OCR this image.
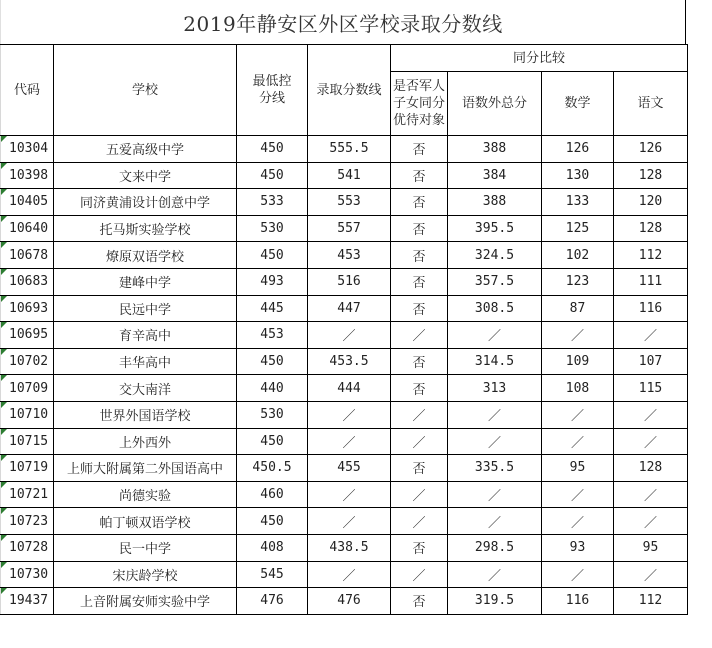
2019年静安区外区学校录取分数线
代码	学校	最低控分线	录取分数线	同分比较			
				是否军人子女同分优待对象	语数外总分	数学	语文

10304	五爱高级中学	450	555.5	否	388	126	126

10398	文来中学	450	541	否	384	130	128

10405	同济黄浦设计创意中学	533	553	否	388	133	120

10640	托马斯实验学校	530	557	否	395.5	125	128

10678	燎原双语学校	450	453	否	324.5	102	112

10683	建峰中学	493	516	否	357.5	123	111

10693	民远中学	445	447	否	308.5	87	116

10695	育辛高中	453	／	／	／	／	／

10702	丰华高中	450	453.5	否	314.5	109	107

10709	交大南洋	440	444	否	313	108	115

10710	世界外国语学校	530	／	／	／	／	／

10715	上外西外	450	／	／	／	／	／

10719	上师大附属第二外国语高中	450.5	455	否	335.5	95	128

10721	尚德实验	460	／	／	／	／	／

10723	帕丁顿双语学校	450	／	／	／	／	／

10728	民一中学	408	438.5	否	298.5	93	95

10730	宋庆龄学校	545	／	／	／	／	／

19437	上音附属安师实验中学	476	476	否	319.5	116	112
